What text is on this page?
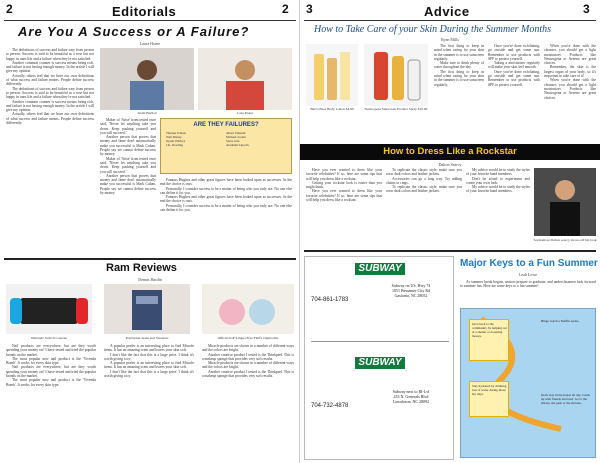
2	Editorials	2
Are You A Success or A Failure?
Laura Horne
The definitions of success and failure vary from person to person. Success is said to be beautiful as a rose but not happy in ones life and a failure when they're not satisfied.
Another common counter is success means being rich, and failure is not having enough money. In the article I will give my opinion.
Actually, others feel that we have our own definitions of what success and failure means. People define success differently.
The definitions of success and failure vary from person to person. Success is said to be beautiful as a rose but not happy in ones life and a failure when they're not satisfied.
Another common counter is success means being rich, and failure is not having enough money. In the article I will give my opinion.
Actually, others feel that we have our own definitions of what success and failure means. People define success differently.
Justin Bartlett	Lona Prater
Maker of 'Arise' from tested once said, 'Never let anything take you down. Keep pushing yourself and you will succeed.'
Another person that proves that money and fame don't automatically make you successful is Mark Cuban. People say we cannot define success by money.
Maker of 'Arise' from tested once said, 'Never let anything take you down. Keep pushing yourself and you will succeed.'
Another person that proves that money and fame don't automatically make you successful is Mark Cuban. People say we cannot define success by money.
ARE THEY FAILURES?
Thomas Edison	Albert Einstein
Walt Disney	Michael Jordan
Oprah Winfrey	Steve Jobs
J.K. Rowling	Abraham Lincoln
Famous Hughes and other great figures have been looked upon as successes. In the end the choice is ours.
Personally, I consider success to be a matter of being who you truly are. No one else can define it for you.
Famous Hughes and other great figures have been looked upon as successes. In the end the choice is ours.
Personally, I consider success to be a matter of being who you truly are. No one else can define it for you.
Ram Reviews
Dennis Hardin
Nintendo Switch Console	Popbucket Jeans and Sweaters	Official iGF/Lingua Free Fluffy Ojamochis
Nail products are everywhere, but are they worth spending your money on? I have tested and tried the popular brands on the market.
The most popular new nail product is the 'Vivenda Bomb'. It works for every skin type.
Nail products are everywhere, but are they worth spending your money on? I have tested and tried the popular brands on the market.
The most popular new nail product is the 'Vivenda Bomb'. It works for every skin type.
A popular peeler is an interesting place to find Miracle items. It has an amazing scent and leaves your skin soft.
I don't like the fact that this is a large price. I think it's worth giving a try.
A popular peeler is an interesting place to find Miracle items. It has an amazing scent and leaves your skin soft.
I don't like the fact that this is a large price. I think it's worth giving a try.
Miracle products are shown in a number of different ways and the colors are bright.
Another creative product I tested is the Thinkpeel. This is a makeup sponge that provides very soft results.
Miracle products are shown in a number of different ways and the colors are bright.
Another creative product I tested is the Thinkpeel. This is a makeup sponge that provides very soft results.
3	Advice	3
How to Take Care of your Skin During the Summer Months
Ryan Mills
Burt's Bees Body Lotion $4.99	Neutrogena Sunscreen Product Spray $10.99
The first thing to keep in mind when caring for your skin in the summer is to use sunscreen regularly.
Make sure to drink plenty of water throughout the day.
The first thing to keep in mind when caring for your skin in the summer is to use sunscreen regularly.
Once you've done exfoliating, go outside and get some sun. Remember to use products with SPF to protect yourself.
Taking a moisturizer regularly will make your skin feel smooth.
Once you've done exfoliating, go outside and get some sun. Remember to use products with SPF to protect yourself.
When you're done with the cleanser, you should get a light moisturizer. Products like Neutrogena or Aveeno are great choices.
Remember, the skin is the largest organ of your body, so it's important to take care of it!
When you're done with the cleanser, you should get a light moisturizer. Products like Neutrogena or Aveeno are great choices.
How to Dress Like a Rockstar
Dalton Searcy
Have you ever wanted to dress like your favorite celebrities? If so, here are some tips that will help you dress like a rockstar.
Getting your rockstar look is easier than you might think.
Have you ever wanted to dress like your favorite celebrities? If so, here are some tips that will help you dress like a rockstar.
To replicate the classic style, make sure you wear dark colors and leather jackets.
Accessories can go a long way. Try adding chains or rings.
To replicate the classic style, make sure you wear dark colors and leather jackets.
My advice would be to study the styles of your favorite band members.
Don't be afraid to experiment and create your own look.
My advice would be to study the styles of your favorite band members.
Sophomore Dalton searcy shows off his look
SUBWAY
704-861-1783
Subway on US. Hwy 74
1051 Bessemer City Rd
Gastonia, NC 28052
SUBWAY
704-732-4878
Subway next to RI-Lvl
433 N. Generals Blvd
Lincolnton, NC 28092
Major Keys to a Fun Summer
Leah Lowe
As summer break begins, seniors prepare to graduate, and underclassmen look forward to summer fun. Here are some keys to a fun summer!
Give back to the community by helping out at a shelter or donating money.
Stay hydrated by drinking lots of water during those hot days.
Binge watch a Netflix series.
Don't stay in the house all day. Catch up with friends and read. Go to the library, the park or the movies.
